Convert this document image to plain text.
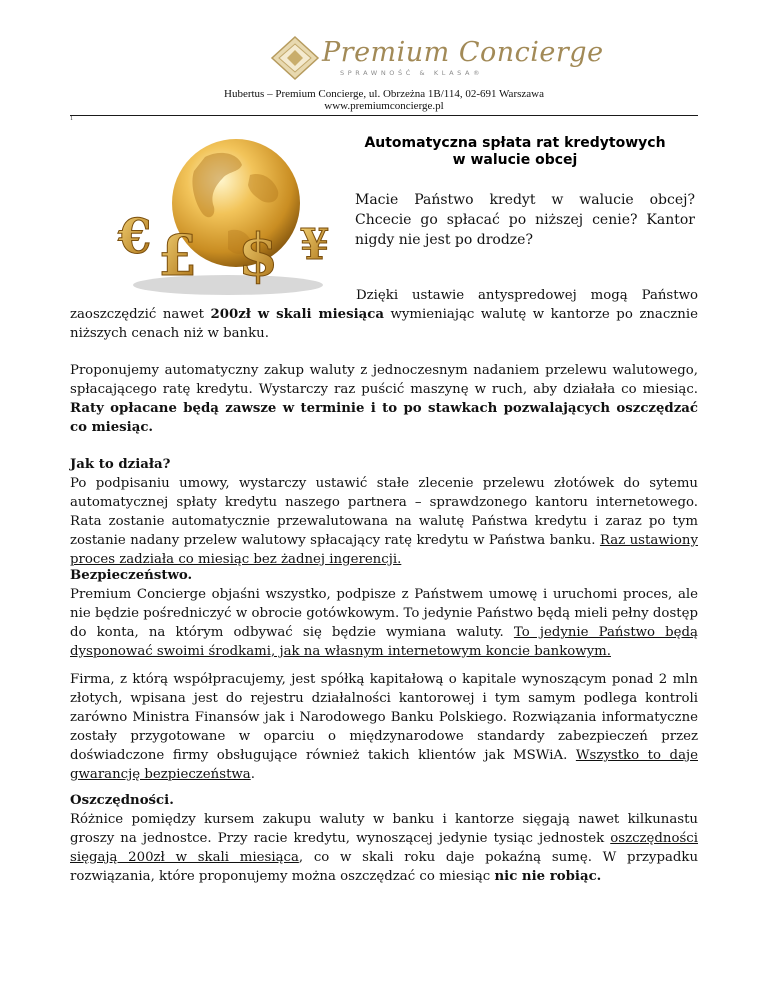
Premium Concierge
SPRAWNOŚĆ & KLASA®
Hubertus – Premium Concierge, ul. Obrzeżna 1B/114, 02-691 Warszawa
www.premiumconcierge.pl
1
Automatyczna spłata rat kredytowych
w walucie obcej
€ £ $ ¥
Macie Państwo kredyt w walucie obcej? Chcecie go spłacać po niższej cenie? Kantor nigdy nie jest po drodze?
Dzięki ustawie antyspredowej mogą Państwo zaoszczędzić nawet 200zł w skali miesiąca wymieniając walutę w kantorze po znacznie niższych cenach niż w banku.
Proponujemy automatyczny zakup waluty z jednoczesnym nadaniem przelewu walutowego, spłacającego ratę kredytu. Wystarczy raz puścić maszynę w ruch, aby działała co miesiąc. Raty opłacane będą zawsze w terminie i to po stawkach pozwalających oszczędzać co miesiąc.
Jak to działa?
Po podpisaniu umowy, wystarczy ustawić stałe zlecenie przelewu złotówek do sytemu automatycznej spłaty kredytu naszego partnera – sprawdzonego kantoru internetowego. Rata zostanie automatycznie przewalutowana na walutę Państwa kredytu i zaraz po tym zostanie nadany przelew walutowy spłacający ratę kredytu w Państwa banku. Raz ustawiony proces zadziała co miesiąc bez żadnej ingerencji.
Bezpieczeństwo.
Premium Concierge objaśni wszystko, podpisze z Państwem umowę i uruchomi proces, ale nie będzie pośredniczyć w obrocie gotówkowym. To jedynie Państwo będą mieli pełny dostęp do konta, na którym odbywać się będzie wymiana waluty. To jedynie Państwo będą dysponować swoimi środkami, jak na własnym internetowym koncie bankowym.
Firma, z którą współpracujemy, jest spółką kapitałową o kapitale wynoszącym ponad 2 mln złotych, wpisana jest do rejestru działalności kantorowej i tym samym podlega kontroli zarówno Ministra Finansów jak i Narodowego Banku Polskiego. Rozwiązania informatyczne zostały przygotowane w oparciu o międzynarodowe standardy zabezpieczeń przez doświadczone firmy obsługujące również takich klientów jak MSWiA. Wszystko to daje gwarancję bezpieczeństwa.
Oszczędności.
Różnice pomiędzy kursem zakupu waluty w banku i kantorze sięgają nawet kilkunastu groszy na jednostce. Przy racie kredytu, wynoszącej jedynie tysiąc jednostek oszczędności sięgają 200zł w skali miesiąca, co w skali roku daje pokaźną sumę. W przypadku rozwiązania, które proponujemy można oszczędzać co miesiąc nic nie robiąc.
